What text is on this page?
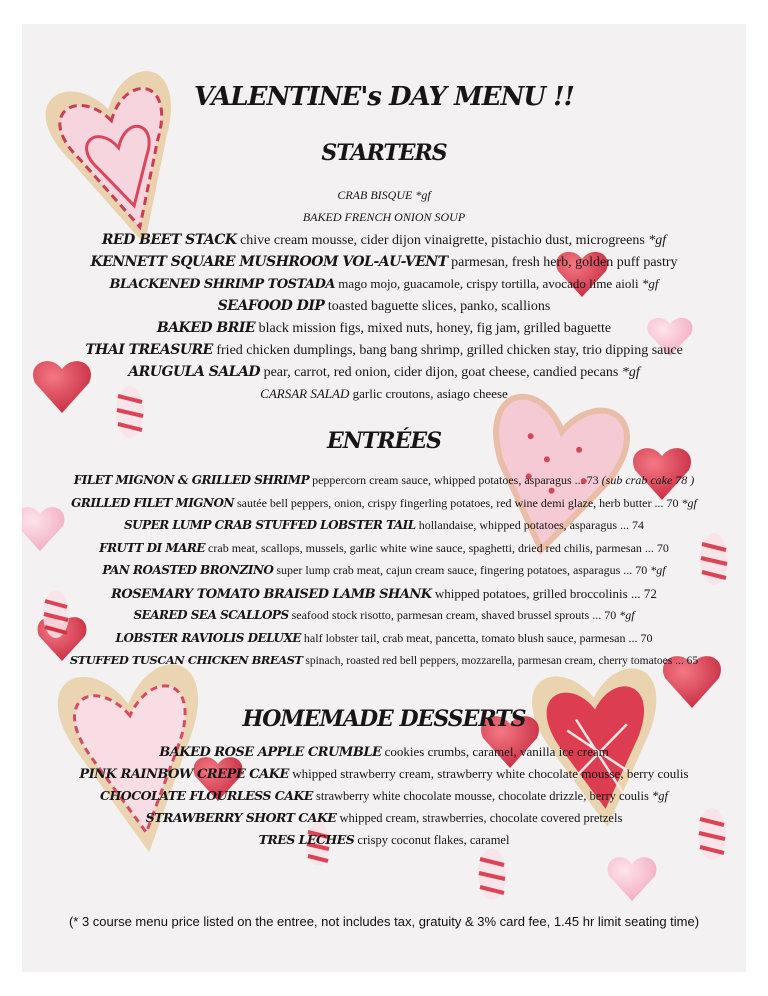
VALENTINE's DAY MENU !!
STARTERS
CRAB BISQUE *gf
BAKED FRENCH ONION SOUP
RED BEET STACK chive cream mousse, cider dijon vinaigrette, pistachio dust, microgreens *gf
KENNETT SQUARE MUSHROOM VOL-AU-VENT parmesan, fresh herb, golden puff pastry
BLACKENED SHRIMP TOSTADA mago mojo, guacamole, crispy tortilla, avocado lime aioli *gf
SEAFOOD DIP toasted baguette slices, panko, scallions
BAKED BRIE black mission figs, mixed nuts, honey, fig jam, grilled baguette
THAI TREASURE fried chicken dumplings, bang bang shrimp, grilled chicken stay, trio dipping sauce
ARUGULA SALAD pear, carrot, red onion, cider dijon, goat cheese, candied pecans *gf
CARSAR SALAD garlic croutons, asiago cheese
ENTRÉES
FILET MIGNON & GRILLED SHRIMP peppercorn cream sauce, whipped potatoes, asparagus ... 73 (sub crab cake 78 )
GRILLED FILET MIGNON sautée bell peppers, onion, crispy fingerling potatoes, red wine demi glaze, herb butter ... 70 *gf
SUPER LUMP CRAB STUFFED LOBSTER TAIL hollandaise, whipped potatoes, asparagus ... 74
FRUTT DI MARE crab meat, scallops, mussels, garlic white wine sauce, spaghetti, dried red chilis, parmesan ... 70
PAN ROASTED BRONZINO super lump crab meat, cajun cream sauce, fingering potatoes, asparagus ... 70 *gf
ROSEMARY TOMATO BRAISED LAMB SHANK whipped potatoes, grilled broccolinis ... 72
SEARED SEA SCALLOPS seafood stock risotto, parmesan cream, shaved brussel sprouts ... 70 *gf
LOBSTER RAVIOLIS DELUXE half lobster tail, crab meat, pancetta, tomato blush sauce, parmesan ... 70
STUFFED TUSCAN CHICKEN BREAST spinach, roasted red bell peppers, mozzarella, parmesan cream, cherry tomatoes ... 65
HOMEMADE DESSERTS
BAKED ROSE APPLE CRUMBLE cookies crumbs, caramel, vanilla ice cream
PINK RAINBOW CREPE CAKE whipped strawberry cream, strawberry white chocolate mousse, berry coulis
CHOCOLATE FLOURLESS CAKE strawberry white chocolate mousse, chocolate drizzle, berry coulis *gf
STRAWBERRY SHORT CAKE whipped cream, strawberries, chocolate covered pretzels
TRES LECHES crispy coconut flakes, caramel
(* 3 course menu price listed on the entree, not includes tax, gratuity & 3% card fee, 1.45 hr limit seating time)
